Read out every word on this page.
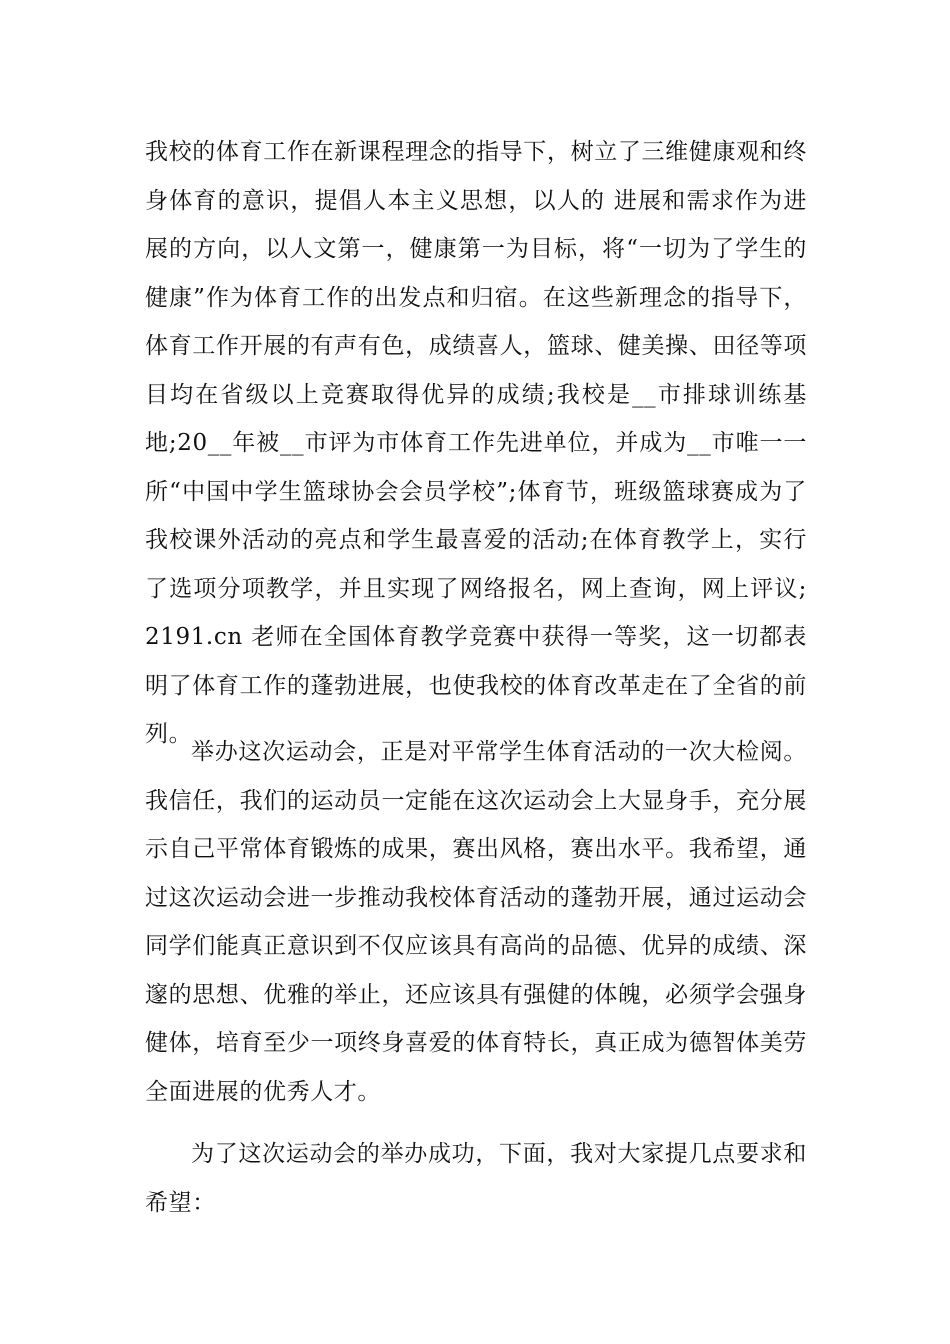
我校的体育工作在新课程理念的指导下，树立了三维健康观和终身体育的意识，提倡人本主义思想，以人的 进展和需求作为进展的方向，以人文第一，健康第一为目标，将“一切为了学生的健康”作为体育工作的出发点和归宿。在这些新理念的指导下，体育工作开展的有声有色，成绩喜人，篮球、健美操、田径等项目均在省级以上竞赛取得优异的成绩;我校是__市排球训练基地;20__年被__市评为市体育工作先进单位，并成为__市唯一一所“中国中学生篮球协会会员学校”;体育节，班级篮球赛成为了我校课外活动的亮点和学生最喜爱的活动;在体育教学上，实行了选项分项教学，并且实现了网络报名，网上查询，网上评议; 2191.cn 老师在全国体育教学竞赛中获得一等奖，这一切都表明了体育工作的蓬勃进展，也使我校的体育改革走在了全省的前列。

举办这次运动会，正是对平常学生体育活动的一次大检阅。我信任，我们的运动员一定能在这次运动会上大显身手，充分展示自己平常体育锻炼的成果，赛出风格，赛出水平。我希望，通过这次运动会进一步推动我校体育活动的蓬勃开展，通过运动会同学们能真正意识到不仅应该具有高尚的品德、优异的成绩、深邃的思想、优雅的举止，还应该具有强健的体魄，必须学会强身健体，培育至少一项终身喜爱的体育特长，真正成为德智体美劳全面进展的优秀人才。

为了这次运动会的举办成功，下面，我对大家提几点要求和希望：
